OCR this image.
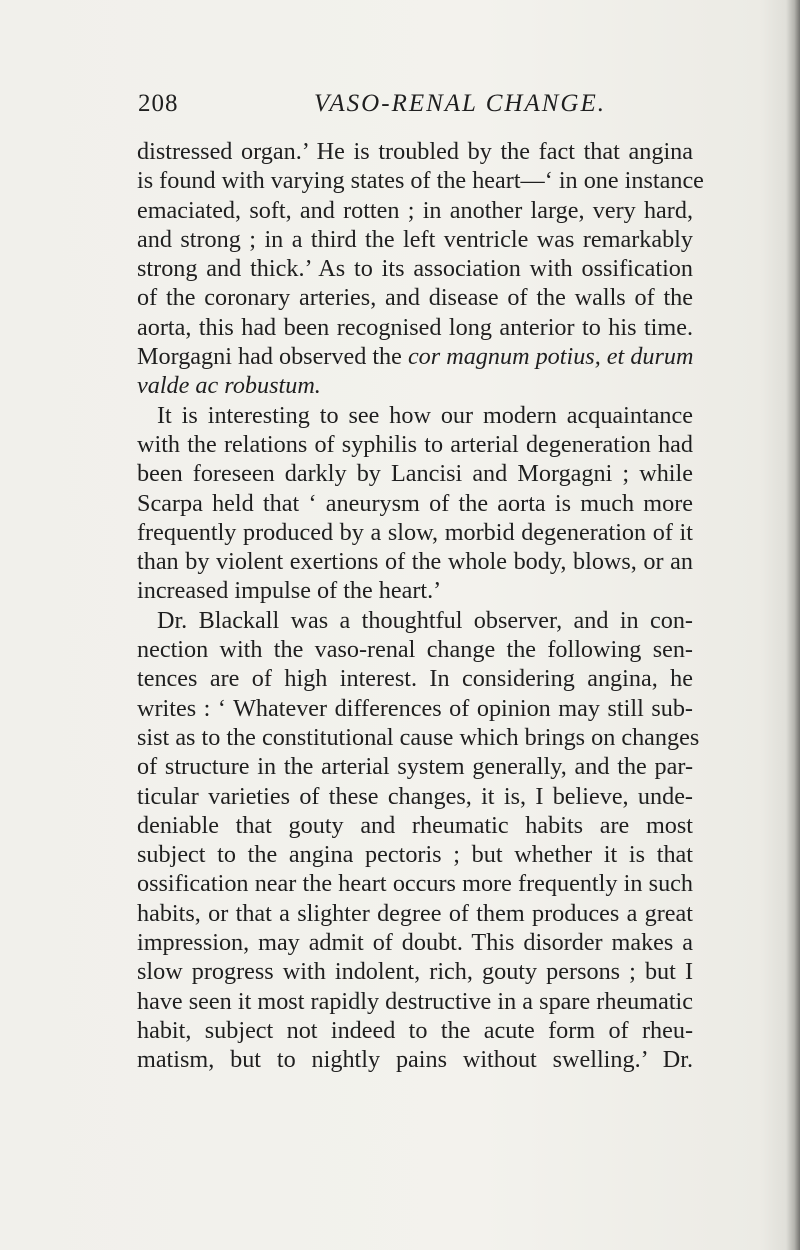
208	VASO-RENAL CHANGE.
distressed organ.’ He is troubled by the fact that angina
is found with varying states of the heart—‘ in one instance
emaciated, soft, and rotten ; in another large, very hard,
and strong ; in a third the left ventricle was remarkably
strong and thick.’ As to its association with ossification
of the coronary arteries, and disease of the walls of the
aorta, this had been recognised long anterior to his time.
Morgagni had observed the cor magnum potius, et durum
valde ac robustum.
It is interesting to see how our modern acquaintance
with the relations of syphilis to arterial degeneration had
been foreseen darkly by Lancisi and Morgagni ; while
Scarpa held that ‘ aneurysm of the aorta is much more
frequently produced by a slow, morbid degeneration of it
than by violent exertions of the whole body, blows, or an
increased impulse of the heart.’
Dr. Blackall was a thoughtful observer, and in con-
nection with the vaso-renal change the following sen-
tences are of high interest. In considering angina, he
writes : ‘ Whatever differences of opinion may still sub-
sist as to the constitutional cause which brings on changes
of structure in the arterial system generally, and the par-
ticular varieties of these changes, it is, I believe, unde-
deniable that gouty and rheumatic habits are most
subject to the angina pectoris ; but whether it is that
ossification near the heart occurs more frequently in such
habits, or that a slighter degree of them produces a great
impression, may admit of doubt. This disorder makes a
slow progress with indolent, rich, gouty persons ; but I
have seen it most rapidly destructive in a spare rheumatic
habit, subject not indeed to the acute form of rheu-
matism, but to nightly pains without swelling.’ Dr.
